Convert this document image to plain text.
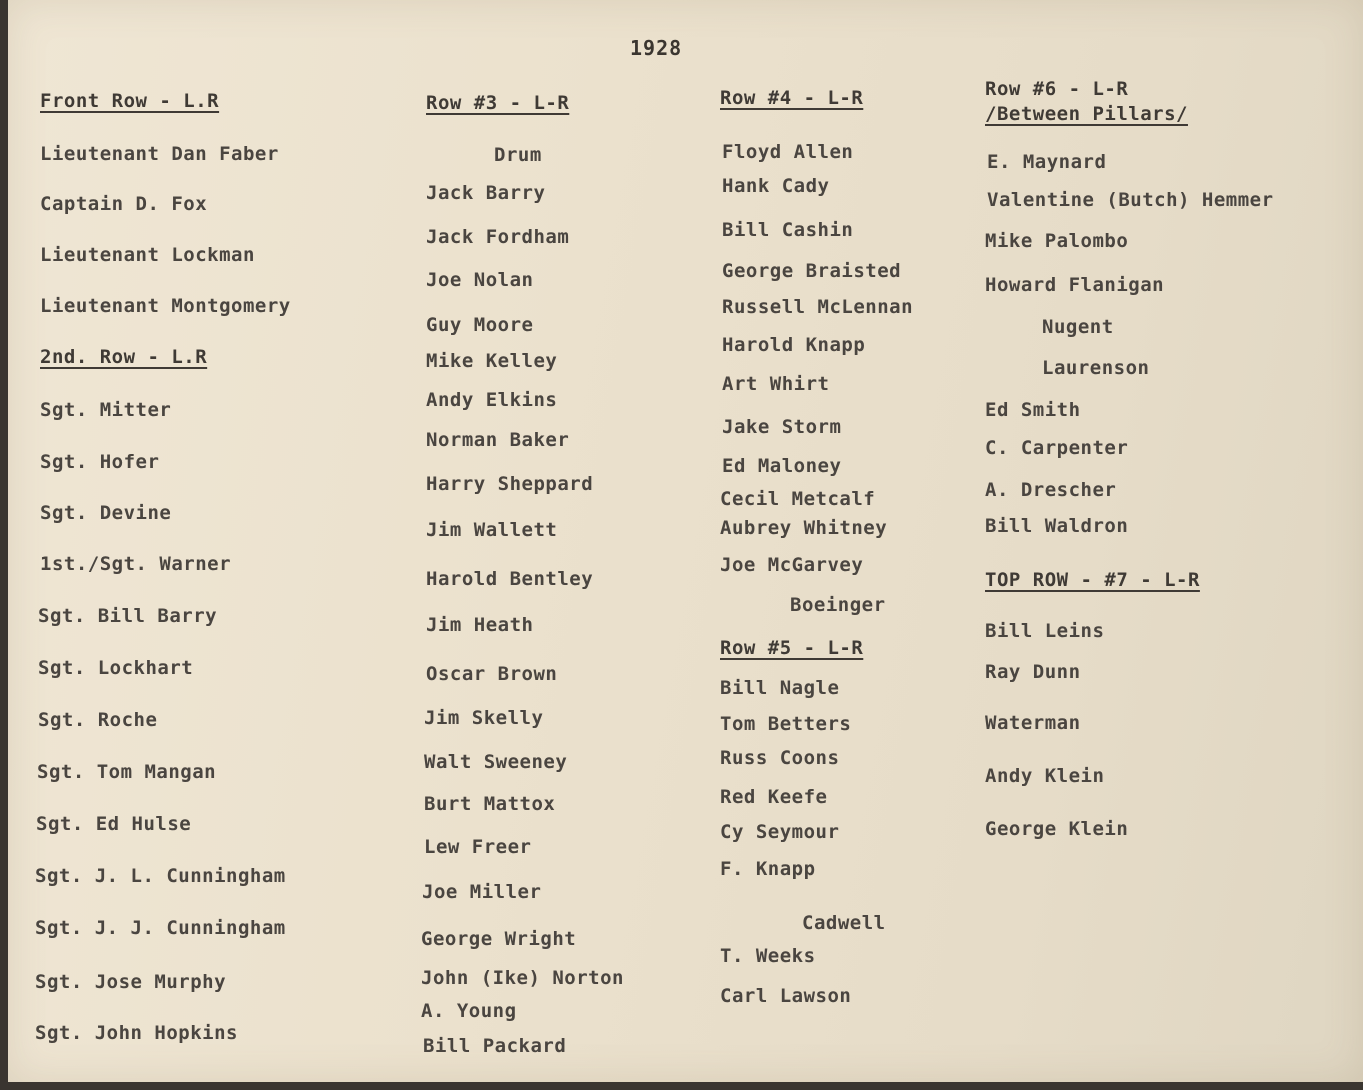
1928
Front Row - L.R
Lieutenant Dan Faber
Captain D. Fox
Lieutenant Lockman
Lieutenant Montgomery
2nd. Row - L.R
Sgt. Mitter
Sgt. Hofer
Sgt. Devine
1st./Sgt. Warner
Sgt. Bill Barry
Sgt. Lockhart
Sgt. Roche
Sgt. Tom Mangan
Sgt. Ed Hulse
Sgt. J. L. Cunningham
Sgt. J. J. Cunningham
Sgt. Jose Murphy
Sgt. John Hopkins
Row #3 - L-R
Drum
Jack Barry
Jack Fordham
Joe Nolan
Guy Moore
Mike Kelley
Andy Elkins
Norman Baker
Harry Sheppard
Jim Wallett
Harold Bentley
Jim Heath
Oscar Brown
Jim Skelly
Walt Sweeney
Burt Mattox
Lew Freer
Joe Miller
George Wright
John (Ike) Norton
A. Young
Bill Packard
Row #4 - L-R
Floyd Allen
Hank Cady
Bill Cashin
George Braisted
Russell McLennan
Harold Knapp
Art Whirt
Jake Storm
Ed Maloney
Cecil Metcalf
Aubrey Whitney
Joe McGarvey
Boeinger
Row #5 - L-R
Bill Nagle
Tom Betters
Russ Coons
Red Keefe
Cy Seymour
F. Knapp
Cadwell
T. Weeks
Carl Lawson
Row #6 - L-R
/Between Pillars/
E. Maynard
Valentine (Butch) Hemmer
Mike Palombo
Howard Flanigan
Nugent
Laurenson
Ed Smith
C. Carpenter
A. Drescher
Bill Waldron
TOP ROW - #7 - L-R
Bill Leins
Ray Dunn
Waterman
Andy Klein
George Klein
